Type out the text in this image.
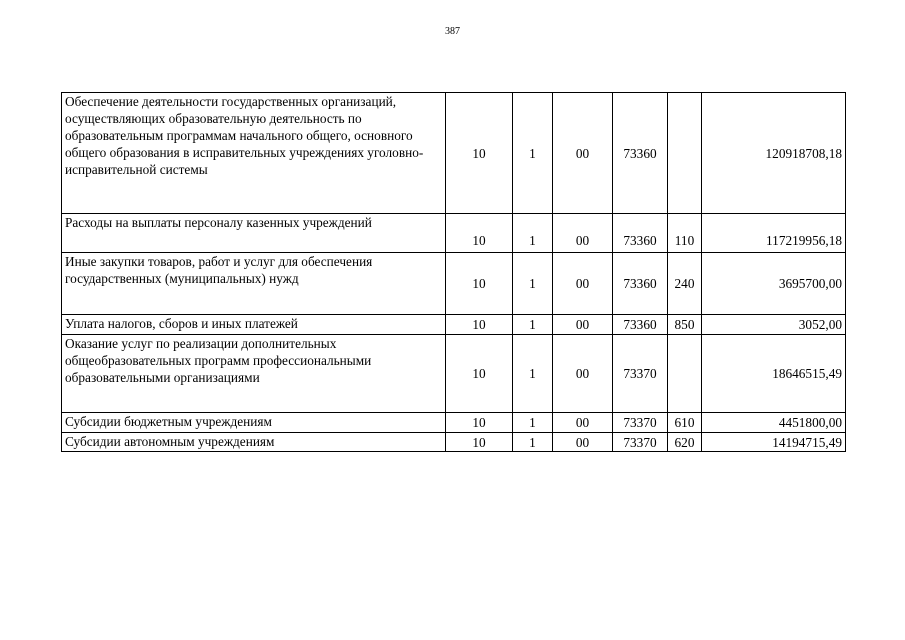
387
Обеспечение деятельности государственных организаций, осуществляющих образовательную деятельность по образовательным программам начального общего, основного общего образования в исправительных учреждениях уголовно-исправительной системы	10	1	00	73360		120918708,18
Расходы на выплаты персоналу казенных учреждений	10	1	00	73360	110	117219956,18
Иные закупки товаров, работ и услуг для обеспечения государственных (муниципальных) нужд	10	1	00	73360	240	3695700,00
Уплата налогов, сборов и иных платежей	10	1	00	73360	850	3052,00
Оказание услуг по реализации дополнительных общеобразовательных программ профессиональными образовательными организациями	10	1	00	73370		18646515,49
Субсидии бюджетным учреждениям	10	1	00	73370	610	4451800,00
Субсидии автономным учреждениям	10	1	00	73370	620	14194715,49
